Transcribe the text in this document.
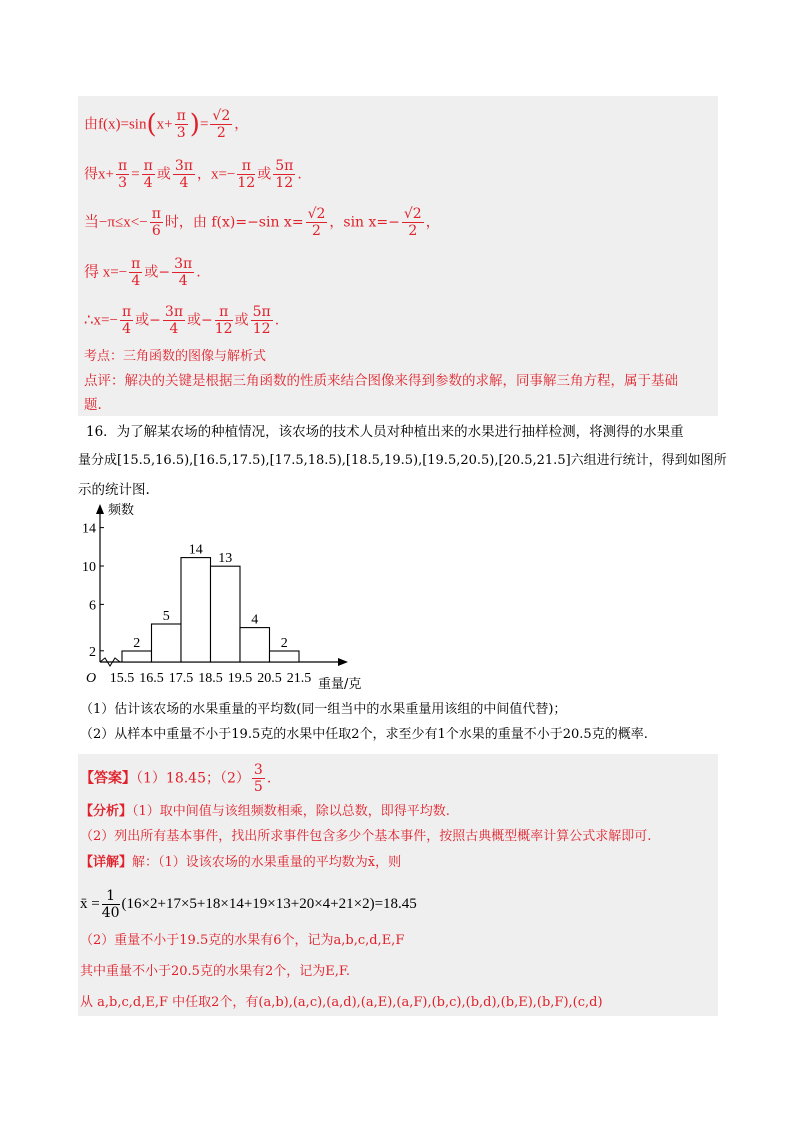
由$f(x)=\sin(x+ \frac{\pi}{3}$ )= $\frac{√2}{2}$ ，
得$x+ \frac{\pi}{3} = \frac{\pi}{4}$ 或 $\frac{3\pi}{4}$ ，$x=- \frac{\pi}{12}$ 或 $\frac{5\pi}{12}$ .
当$-\pi\le x<- \frac{\pi}{6}$ 时，由 f(x)=−sin $x= \frac{√2}{2}$ ，$\sin x=- \frac{√2}{2}$ ，
得 $x=- \frac{\pi}{4}$ 或− $\frac{3\pi}{4}$ .
∴x=− $\frac{\pi}{4}$ 或− $\frac{3\pi}{4}$ 或− $\frac{\pi}{12}$ 或 $\frac{5\pi}{12}$ .
考点：三角函数的图像与解析式
点评：解决的关键是根据三角函数的性质来结合图像来得到参数的求解，同事解三角方程，属于基础
题.
16．为了解某农场的种植情况，该农场的技术人员对种植出来的水果进行抽样检测，将测得的水果重
量分成[15.5,16.5),[16.5,17.5),[17.5,18.5),[18.5,19.5),[19.5,20.5),[20.5,21.5]六组进行统计，得到如图所
示的统计图.
频数
重量/克
O
2
6
10
14
2
5
14
13
4
2
15.5 16.5 17.5 18.5 19.5 20.5 21.5
（1）估计该农场的水果重量的平均数(同一组当中的水果重量用该组的中间值代替)；
（2）从样本中重量不小于19.5克的水果中任取2个，求至少有1个水果的重量不小于20.5克的概率.
【答案】（1）18.45；$(2) \frac{3}{5}$ .
【分析】（1）取中间值与该组频数相乘，除以总数，即得平均数.
（2）列出所有基本事件，找出所求事件包含多少个基本事件，按照古典概型概率计算公式求解即可.
【详解】解：（1）设该农场的水果重量的平均数为x̄，则
x̄ = $\frac{1}{40} (16\times 2+17\times 5+18\times 14+19\times 13+20\times 4+21\times 2)=18.45$
（2）重量不小于19.5克的水果有6个，记为a,b,c,d,E,F
其中重量不小于20.5克的水果有2个，记为E,F.
从 a,b,c,d,E,F 中任取2个，有(a,b),(a,c),(a,d),(a,E),(a,F),(b,c),(b,d),(b,E),(b,F),(c,d)
